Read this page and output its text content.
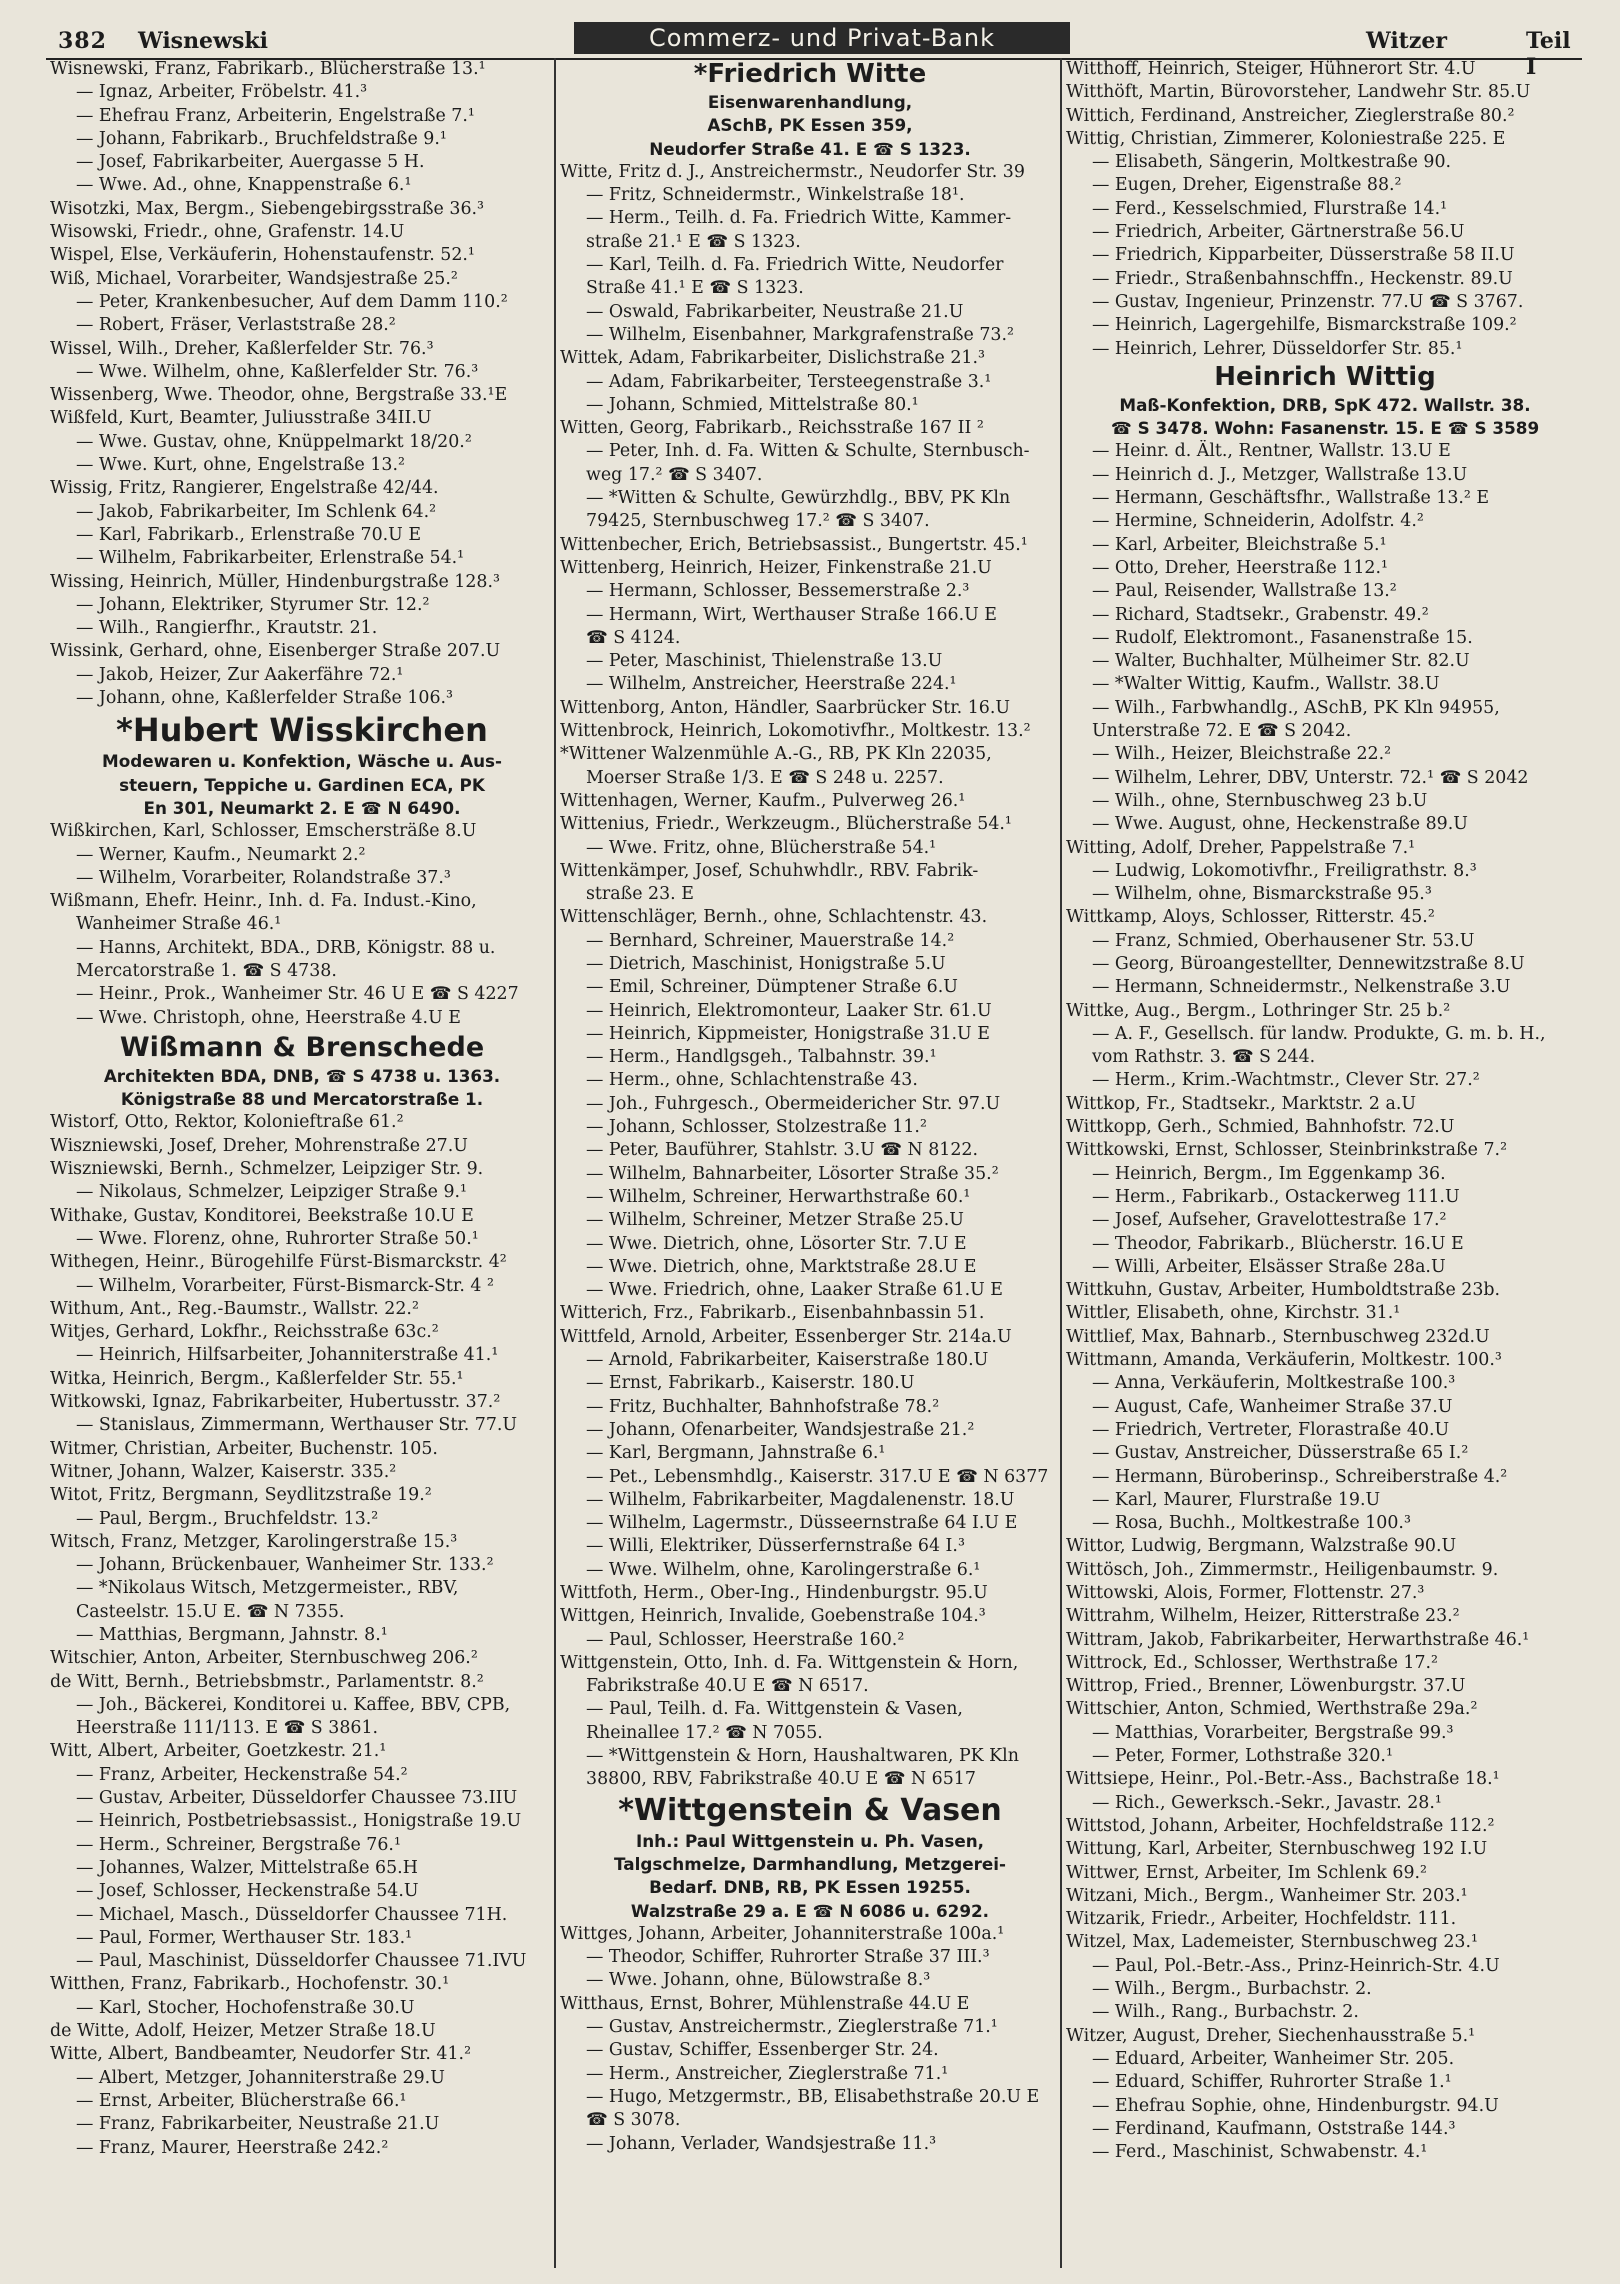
382 Wisnewski	Commerz- und Privat-Bank	Witzer	Teil I
Wisnewski, Franz, Fabrikarb., Blücherstraße 13.¹
— Ignaz, Arbeiter, Fröbelstr. 41.³
— Ehefrau Franz, Arbeiterin, Engelstraße 7.¹
— Johann, Fabrikarb., Bruchfeldstraße 9.¹
— Josef, Fabrikarbeiter, Auergasse 5 H.
— Wwe. Ad., ohne, Knappenstraße 6.¹
Wisotzki, Max, Bergm., Siebengebirgsstraße 36.³
Wisowski, Friedr., ohne, Grafenstr. 14.U
Wispel, Else, Verkäuferin, Hohenstaufenstr. 52.¹
Wiß, Michael, Vorarbeiter, Wandsjestraße 25.²
— Peter, Krankenbesucher, Auf dem Damm 110.²
— Robert, Fräser, Verlaststraße 28.²
Wissel, Wilh., Dreher, Kaßlerfelder Str. 76.³
— Wwe. Wilhelm, ohne, Kaßlerfelder Str. 76.³
Wissenberg, Wwe. Theodor, ohne, Bergstraße 33.¹E
Wißfeld, Kurt, Beamter, Juliusstraße 34II.U
— Wwe. Gustav, ohne, Knüppelmarkt 18/20.²
— Wwe. Kurt, ohne, Engelstraße 13.²
Wissig, Fritz, Rangierer, Engelstraße 42/44.
— Jakob, Fabrikarbeiter, Im Schlenk 64.²
— Karl, Fabrikarb., Erlenstraße 70.U E
— Wilhelm, Fabrikarbeiter, Erlenstraße 54.¹
Wissing, Heinrich, Müller, Hindenburgstraße 128.³
— Johann, Elektriker, Styrumer Str. 12.²
— Wilh., Rangierfhr., Krautstr. 21.
Wissink, Gerhard, ohne, Eisenberger Straße 207.U
— Jakob, Heizer, Zur Aakerfähre 72.¹
— Johann, ohne, Kaßlerfelder Straße 106.³
*Hubert Wisskirchen
Modewaren u. Konfektion, Wäsche u. Aus-
steuern, Teppiche u. Gardinen ECA, PK
En 301, Neumarkt 2. E ☎ N 6490.
Wißkirchen, Karl, Schlosser, Emschersträße 8.U
— Werner, Kaufm., Neumarkt 2.²
— Wilhelm, Vorarbeiter, Rolandstraße 37.³
Wißmann, Ehefr. Heinr., Inh. d. Fa. Indust.-Kino,
Wanheimer Straße 46.¹
— Hanns, Architekt, BDA., DRB, Königstr. 88 u.
Mercatorstraße 1. ☎ S 4738.
— Heinr., Prok., Wanheimer Str. 46 U E ☎ S 4227
— Wwe. Christoph, ohne, Heerstraße 4.U E
Wißmann & Brenschede
Architekten BDA, DNB, ☎ S 4738 u. 1363.
Königstraße 88 und Mercatorstraße 1.
Wistorf, Otto, Rektor, Kolonieftraße 61.²
Wiszniewski, Josef, Dreher, Mohrenstraße 27.U
Wiszniewski, Bernh., Schmelzer, Leipziger Str. 9.
— Nikolaus, Schmelzer, Leipziger Straße 9.¹
Withake, Gustav, Konditorei, Beekstraße 10.U E
— Wwe. Florenz, ohne, Ruhrorter Straße 50.¹
Withegen, Heinr., Bürogehilfe Fürst-Bismarckstr. 4²
— Wilhelm, Vorarbeiter, Fürst-Bismarck-Str. 4 ²
Withum, Ant., Reg.-Baumstr., Wallstr. 22.²
Witjes, Gerhard, Lokfhr., Reichsstraße 63c.²
— Heinrich, Hilfsarbeiter, Johanniterstraße 41.¹
Witka, Heinrich, Bergm., Kaßlerfelder Str. 55.¹
Witkowski, Ignaz, Fabrikarbeiter, Hubertusstr. 37.²
— Stanislaus, Zimmermann, Werthauser Str. 77.U
Witmer, Christian, Arbeiter, Buchenstr. 105.
Witner, Johann, Walzer, Kaiserstr. 335.²
Witot, Fritz, Bergmann, Seydlitzstraße 19.²
— Paul, Bergm., Bruchfeldstr. 13.²
Witsch, Franz, Metzger, Karolingerstraße 15.³
— Johann, Brückenbauer, Wanheimer Str. 133.²
— *Nikolaus Witsch, Metzgermeister., RBV,
Casteelstr. 15.U E. ☎ N 7355.
— Matthias, Bergmann, Jahnstr. 8.¹
Witschier, Anton, Arbeiter, Sternbuschweg 206.²
de Witt, Bernh., Betriebsbmstr., Parlamentstr. 8.²
— Joh., Bäckerei, Konditorei u. Kaffee, BBV, CPB,
Heerstraße 111/113. E ☎ S 3861.
Witt, Albert, Arbeiter, Goetzkestr. 21.¹
— Franz, Arbeiter, Heckenstraße 54.²
— Gustav, Arbeiter, Düsseldorfer Chaussee 73.IIU
— Heinrich, Postbetriebsassist., Honigstraße 19.U
— Herm., Schreiner, Bergstraße 76.¹
— Johannes, Walzer, Mittelstraße 65.H
— Josef, Schlosser, Heckenstraße 54.U
— Michael, Masch., Düsseldorfer Chaussee 71H.
— Paul, Former, Werthauser Str. 183.¹
— Paul, Maschinist, Düsseldorfer Chaussee 71.IVU
Witthen, Franz, Fabrikarb., Hochofenstr. 30.¹
— Karl, Stocher, Hochofenstraße 30.U
de Witte, Adolf, Heizer, Metzer Straße 18.U
Witte, Albert, Bandbeamter, Neudorfer Str. 41.²
— Albert, Metzger, Johanniterstraße 29.U
— Ernst, Arbeiter, Blücherstraße 66.¹
— Franz, Fabrikarbeiter, Neustraße 21.U
— Franz, Maurer, Heerstraße 242.²
*Friedrich Witte
Eisenwarenhandlung,
ASchB, PK Essen 359,
Neudorfer Straße 41. E ☎ S 1323.
Witte, Fritz d. J., Anstreichermstr., Neudorfer Str. 39
— Fritz, Schneidermstr., Winkelstraße 18¹.
— Herm., Teilh. d. Fa. Friedrich Witte, Kammer-
straße 21.¹ E ☎ S 1323.
— Karl, Teilh. d. Fa. Friedrich Witte, Neudorfer
Straße 41.¹ E ☎ S 1323.
— Oswald, Fabrikarbeiter, Neustraße 21.U
— Wilhelm, Eisenbahner, Markgrafenstraße 73.²
Wittek, Adam, Fabrikarbeiter, Dislichstraße 21.³
— Adam, Fabrikarbeiter, Tersteegenstraße 3.¹
— Johann, Schmied, Mittelstraße 80.¹
Witten, Georg, Fabrikarb., Reichsstraße 167 II ²
— Peter, Inh. d. Fa. Witten & Schulte, Sternbusch-
weg 17.² ☎ S 3407.
— *Witten & Schulte, Gewürzhdlg., BBV, PK Kln
79425, Sternbuschweg 17.² ☎ S 3407.
Wittenbecher, Erich, Betriebsassist., Bungertstr. 45.¹
Wittenberg, Heinrich, Heizer, Finkenstraße 21.U
— Hermann, Schlosser, Bessemerstraße 2.³
— Hermann, Wirt, Werthauser Straße 166.U E
☎ S 4124.
— Peter, Maschinist, Thielenstraße 13.U
— Wilhelm, Anstreicher, Heerstraße 224.¹
Wittenborg, Anton, Händler, Saarbrücker Str. 16.U
Wittenbrock, Heinrich, Lokomotivfhr., Moltkestr. 13.²
*Wittener Walzenmühle A.-G., RB, PK Kln 22035,
Moerser Straße 1/3. E ☎ S 248 u. 2257.
Wittenhagen, Werner, Kaufm., Pulverweg 26.¹
Wittenius, Friedr., Werkzeugm., Blücherstraße 54.¹
— Wwe. Fritz, ohne, Blücherstraße 54.¹
Wittenkämper, Josef, Schuhwhdlr., RBV. Fabrik-
straße 23. E
Wittenschläger, Bernh., ohne, Schlachtenstr. 43.
— Bernhard, Schreiner, Mauerstraße 14.²
— Dietrich, Maschinist, Honigstraße 5.U
— Emil, Schreiner, Dümptener Straße 6.U
— Heinrich, Elektromonteur, Laaker Str. 61.U
— Heinrich, Kippmeister, Honigstraße 31.U E
— Herm., Handlgsgeh., Talbahnstr. 39.¹
— Herm., ohne, Schlachtenstraße 43.
— Joh., Fuhrgesch., Obermeidericher Str. 97.U
— Johann, Schlosser, Stolzestraße 11.²
— Peter, Bauführer, Stahlstr. 3.U ☎ N 8122.
— Wilhelm, Bahnarbeiter, Lösorter Straße 35.²
— Wilhelm, Schreiner, Herwarthstraße 60.¹
— Wilhelm, Schreiner, Metzer Straße 25.U
— Wwe. Dietrich, ohne, Lösorter Str. 7.U E
— Wwe. Dietrich, ohne, Marktstraße 28.U E
— Wwe. Friedrich, ohne, Laaker Straße 61.U E
Witterich, Frz., Fabrikarb., Eisenbahnbassin 51.
Wittfeld, Arnold, Arbeiter, Essenberger Str. 214a.U
— Arnold, Fabrikarbeiter, Kaiserstraße 180.U
— Ernst, Fabrikarb., Kaiserstr. 180.U
— Fritz, Buchhalter, Bahnhofstraße 78.²
— Johann, Ofenarbeiter, Wandsjestraße 21.²
— Karl, Bergmann, Jahnstraße 6.¹
— Pet., Lebensmhdlg., Kaiserstr. 317.U E ☎ N 6377
— Wilhelm, Fabrikarbeiter, Magdalenenstr. 18.U
— Wilhelm, Lagermstr., Düsseernstraße 64 I.U E
— Willi, Elektriker, Düsserfernstraße 64 I.³
— Wwe. Wilhelm, ohne, Karolingerstraße 6.¹
Wittfoth, Herm., Ober-Ing., Hindenburgstr. 95.U
Wittgen, Heinrich, Invalide, Goebenstraße 104.³
— Paul, Schlosser, Heerstraße 160.²
Wittgenstein, Otto, Inh. d. Fa. Wittgenstein & Horn,
Fabrikstraße 40.U E ☎ N 6517.
— Paul, Teilh. d. Fa. Wittgenstein & Vasen,
Rheinallee 17.² ☎ N 7055.
— *Wittgenstein & Horn, Haushaltwaren, PK Kln
38800, RBV, Fabrikstraße 40.U E ☎ N 6517
*Wittgenstein & Vasen
Inh.: Paul Wittgenstein u. Ph. Vasen,
Talgschmelze, Darmhandlung, Metzgerei-
Bedarf. DNB, RB, PK Essen 19255.
Walzstraße 29 a. E ☎ N 6086 u. 6292.
Wittges, Johann, Arbeiter, Johanniterstraße 100a.¹
— Theodor, Schiffer, Ruhrorter Straße 37 III.³
— Wwe. Johann, ohne, Bülowstraße 8.³
Witthaus, Ernst, Bohrer, Mühlenstraße 44.U E
— Gustav, Anstreichermstr., Zieglerstraße 71.¹
— Gustav, Schiffer, Essenberger Str. 24.
— Herm., Anstreicher, Zieglerstraße 71.¹
— Hugo, Metzgermstr., BB, Elisabethstraße 20.U E
☎ S 3078.
— Johann, Verlader, Wandsjestraße 11.³
Witthoff, Heinrich, Steiger, Hühnerort Str. 4.U
Witthöft, Martin, Bürovorsteher, Landwehr Str. 85.U
Wittich, Ferdinand, Anstreicher, Zieglerstraße 80.²
Wittig, Christian, Zimmerer, Koloniestraße 225. E
— Elisabeth, Sängerin, Moltkestraße 90.
— Eugen, Dreher, Eigenstraße 88.²
— Ferd., Kesselschmied, Flurstraße 14.¹
— Friedrich, Arbeiter, Gärtnerstraße 56.U
— Friedrich, Kipparbeiter, Düsserstraße 58 II.U
— Friedr., Straßenbahnschffn., Heckenstr. 89.U
— Gustav, Ingenieur, Prinzenstr. 77.U ☎ S 3767.
— Heinrich, Lagergehilfe, Bismarckstraße 109.²
— Heinrich, Lehrer, Düsseldorfer Str. 85.¹
Heinrich Wittig
Maß-Konfektion, DRB, SpK 472. Wallstr. 38.
☎ S 3478. Wohn: Fasanenstr. 15. E ☎ S 3589
— Heinr. d. Ält., Rentner, Wallstr. 13.U E
— Heinrich d. J., Metzger, Wallstraße 13.U
— Hermann, Geschäftsfhr., Wallstraße 13.² E
— Hermine, Schneiderin, Adolfstr. 4.²
— Karl, Arbeiter, Bleichstraße 5.¹
— Otto, Dreher, Heerstraße 112.¹
— Paul, Reisender, Wallstraße 13.²
— Richard, Stadtsekr., Grabenstr. 49.²
— Rudolf, Elektromont., Fasanenstraße 15.
— Walter, Buchhalter, Mülheimer Str. 82.U
— *Walter Wittig, Kaufm., Wallstr. 38.U
— Wilh., Farbwhandlg., ASchB, PK Kln 94955,
Unterstraße 72. E ☎ S 2042.
— Wilh., Heizer, Bleichstraße 22.²
— Wilhelm, Lehrer, DBV, Unterstr. 72.¹ ☎ S 2042
— Wilh., ohne, Sternbuschweg 23 b.U
— Wwe. August, ohne, Heckenstraße 89.U
Witting, Adolf, Dreher, Pappelstraße 7.¹
— Ludwig, Lokomotivfhr., Freiligrathstr. 8.³
— Wilhelm, ohne, Bismarckstraße 95.³
Wittkamp, Aloys, Schlosser, Ritterstr. 45.²
— Franz, Schmied, Oberhausener Str. 53.U
— Georg, Büroangestellter, Dennewitzstraße 8.U
— Hermann, Schneidermstr., Nelkenstraße 3.U
Wittke, Aug., Bergm., Lothringer Str. 25 b.²
— A. F., Gesellsch. für landw. Produkte, G. m. b. H.,
vom Rathstr. 3. ☎ S 244.
— Herm., Krim.-Wachtmstr., Clever Str. 27.²
Wittkop, Fr., Stadtsekr., Marktstr. 2 a.U
Wittkopp, Gerh., Schmied, Bahnhofstr. 72.U
Wittkowski, Ernst, Schlosser, Steinbrinkstraße 7.²
— Heinrich, Bergm., Im Eggenkamp 36.
— Herm., Fabrikarb., Ostackerweg 111.U
— Josef, Aufseher, Gravelottestraße 17.²
— Theodor, Fabrikarb., Blücherstr. 16.U E
— Willi, Arbeiter, Elsässer Straße 28a.U
Wittkuhn, Gustav, Arbeiter, Humboldtstraße 23b.
Wittler, Elisabeth, ohne, Kirchstr. 31.¹
Wittlief, Max, Bahnarb., Sternbuschweg 232d.U
Wittmann, Amanda, Verkäuferin, Moltkestr. 100.³
— Anna, Verkäuferin, Moltkestraße 100.³
— August, Cafe, Wanheimer Straße 37.U
— Friedrich, Vertreter, Florastraße 40.U
— Gustav, Anstreicher, Düsserstraße 65 I.²
— Hermann, Büroberinsp., Schreiberstraße 4.²
— Karl, Maurer, Flurstraße 19.U
— Rosa, Buchh., Moltkestraße 100.³
Wittor, Ludwig, Bergmann, Walzstraße 90.U
Wittösch, Joh., Zimmermstr., Heiligenbaumstr. 9.
Wittowski, Alois, Former, Flottenstr. 27.³
Wittrahm, Wilhelm, Heizer, Ritterstraße 23.²
Wittram, Jakob, Fabrikarbeiter, Herwarthstraße 46.¹
Wittrock, Ed., Schlosser, Werthstraße 17.²
Wittrop, Fried., Brenner, Löwenburgstr. 37.U
Wittschier, Anton, Schmied, Werthstraße 29a.²
— Matthias, Vorarbeiter, Bergstraße 99.³
— Peter, Former, Lothstraße 320.¹
Wittsiepe, Heinr., Pol.-Betr.-Ass., Bachstraße 18.¹
— Rich., Gewerksch.-Sekr., Javastr. 28.¹
Wittstod, Johann, Arbeiter, Hochfeldstraße 112.²
Wittung, Karl, Arbeiter, Sternbuschweg 192 I.U
Wittwer, Ernst, Arbeiter, Im Schlenk 69.²
Witzani, Mich., Bergm., Wanheimer Str. 203.¹
Witzarik, Friedr., Arbeiter, Hochfeldstr. 111.
Witzel, Max, Lademeister, Sternbuschweg 23.¹
— Paul, Pol.-Betr.-Ass., Prinz-Heinrich-Str. 4.U
— Wilh., Bergm., Burbachstr. 2.
— Wilh., Rang., Burbachstr. 2.
Witzer, August, Dreher, Siechenhausstraße 5.¹
— Eduard, Arbeiter, Wanheimer Str. 205.
— Eduard, Schiffer, Ruhrorter Straße 1.¹
— Ehefrau Sophie, ohne, Hindenburgstr. 94.U
— Ferdinand, Kaufmann, Oststraße 144.³
— Ferd., Maschinist, Schwabenstr. 4.¹
